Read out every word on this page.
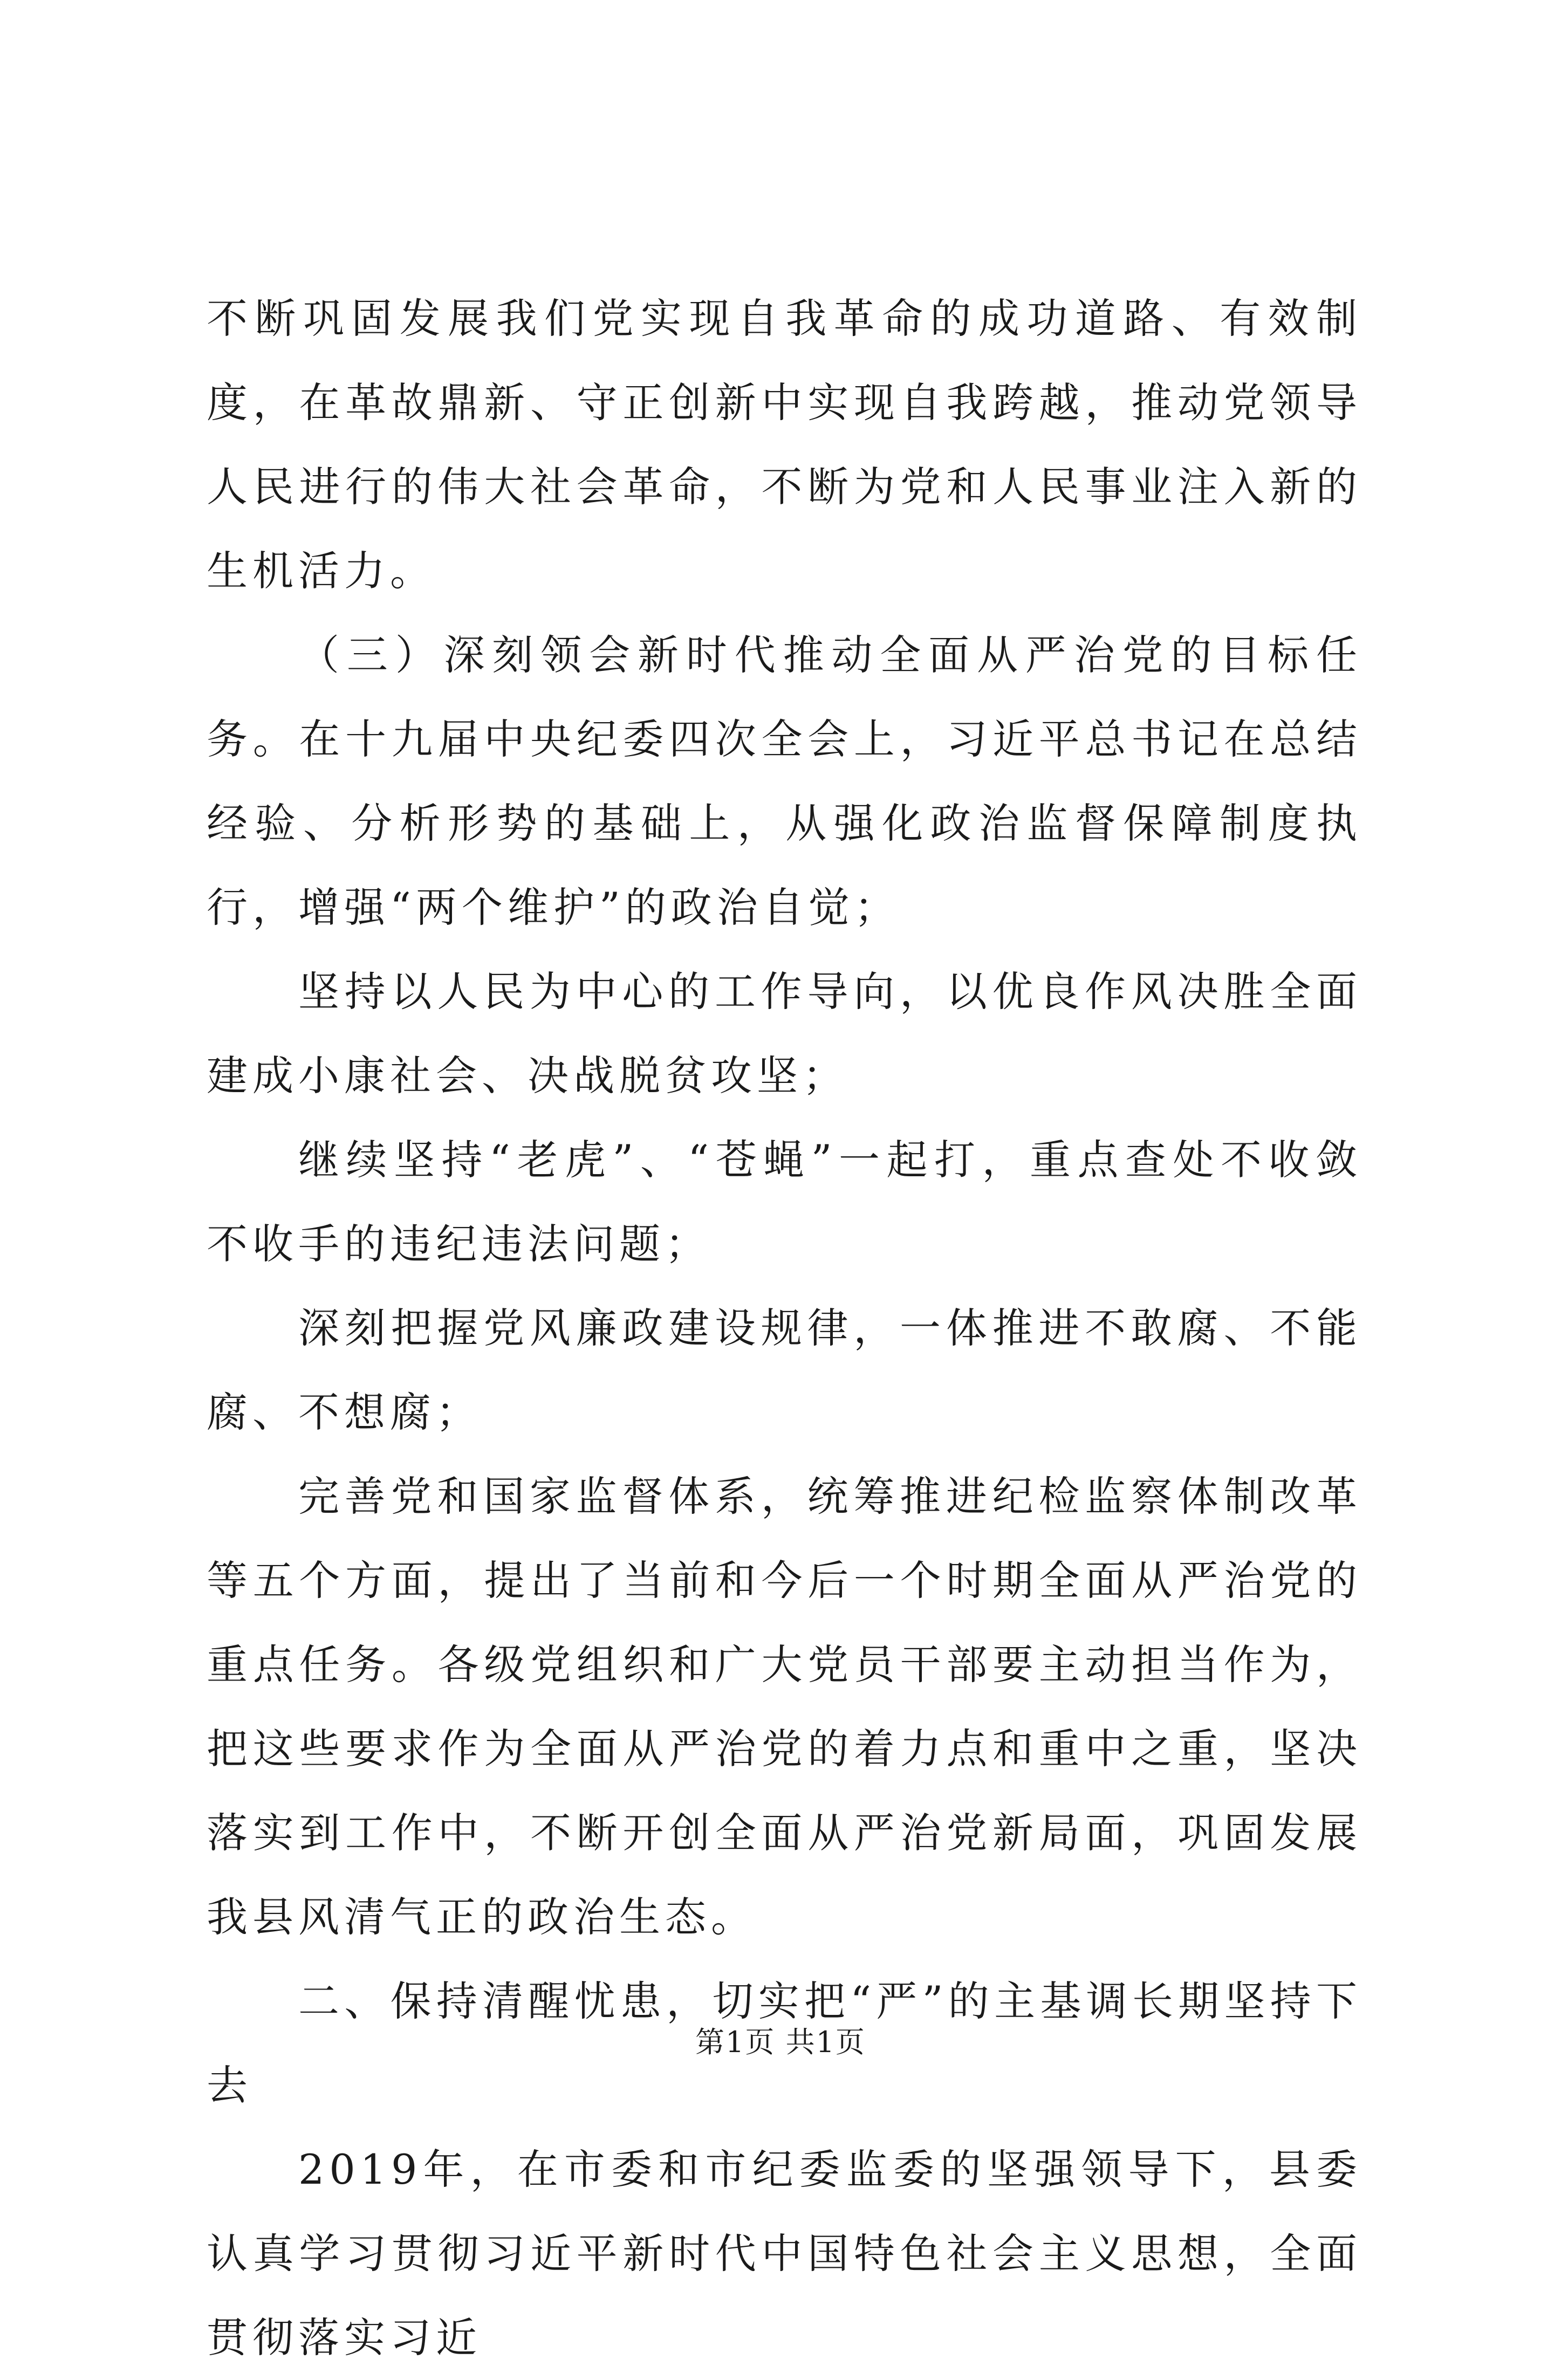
不断巩固发展我们党实现自我革命的成功道路、有效制度，在革故鼎新、守正创新中实现自我跨越，推动党领导人民进行的伟大社会革命，不断为党和人民事业注入新的生机活力。

（三）深刻领会新时代推动全面从严治党的目标任务。在十九届中央纪委四次全会上，习近平总书记在总结经验、分析形势的基础上，从强化政治监督保障制度执行，增强“两个维护”的政治自觉；

坚持以人民为中心的工作导向，以优良作风决胜全面建成小康社会、决战脱贫攻坚；

继续坚持“老虎”、“苍蝇”一起打，重点查处不收敛不收手的违纪违法问题；

深刻把握党风廉政建设规律，一体推进不敢腐、不能腐、不想腐；

完善党和国家监督体系，统筹推进纪检监察体制改革等五个方面，提出了当前和今后一个时期全面从严治党的重点任务。各级党组织和广大党员干部要主动担当作为，把这些要求作为全面从严治党的着力点和重中之重，坚决落实到工作中，不断开创全面从严治党新局面，巩固发展我县风清气正的政治生态。

二、保持清醒忧患，切实把“严”的主基调长期坚持下去

2019年，在市委和市纪委监委的坚强领导下，县委认真学习贯彻习近平新时代中国特色社会主义思想，全面贯彻落实习近

第1页 共1页
